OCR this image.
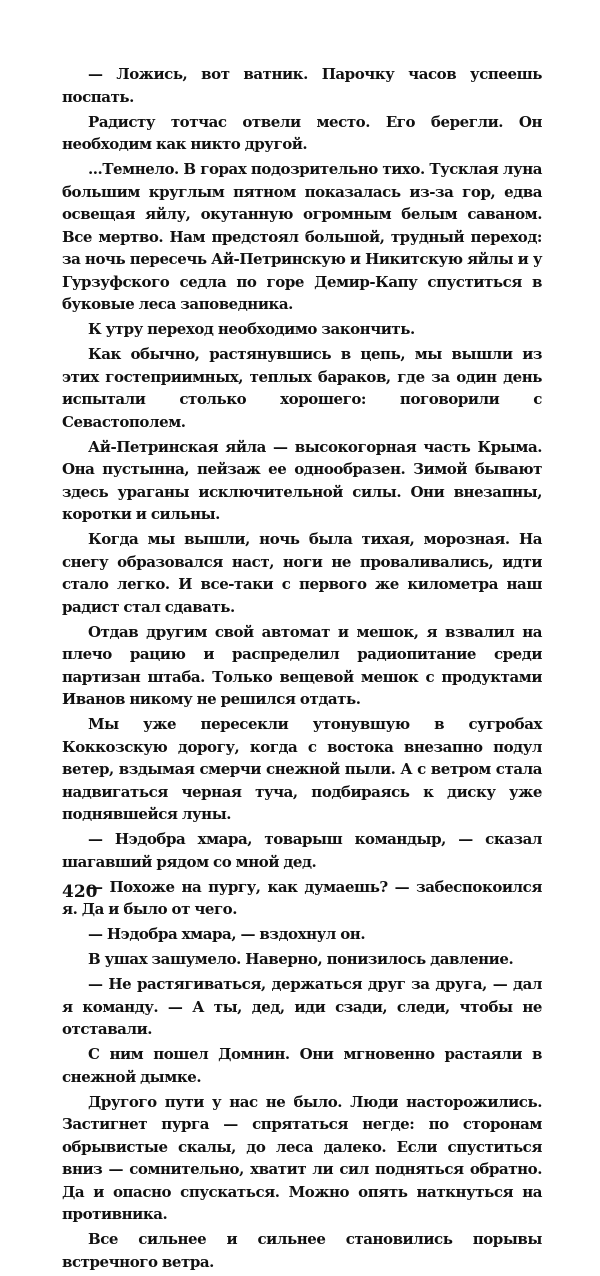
— Ложись, вот ватник. Парочку часов успеешь поспать.

Радисту тотчас отвели место. Его берегли. Он необходим как никто другой.

...Темнело. В горах подозрительно тихо. Тусклая луна большим круглым пятном показалась из-за гор, едва освещая яйлу, окутанную огромным белым саваном. Все мертво. Нам предстоял большой, трудный переход: за ночь пересечь Ай-Петринскую и Никитскую яйлы и у Гурзуфского седла по горе Демир-Капу спуститься в буковые леса заповедника.

К утру переход необходимо закончить.

Как обычно, растянувшись в цепь, мы вышли из этих гостеприимных, теплых бараков, где за один день испытали столько хорошего: поговорили с Севастополем.

Ай-Петринская яйла — высокогорная часть Крыма. Она пустынна, пейзаж ее однообразен. Зимой бывают здесь ураганы исключительной силы. Они внезапны, коротки и сильны.

Когда мы вышли, ночь была тихая, морозная. На снегу образовался наст, ноги не проваливались, идти стало легко. И все-таки с первого же километра наш радист стал сдавать.

Отдав другим свой автомат и мешок, я взвалил на плечо рацию и распределил радиопитание среди партизан штаба. Только вещевой мешок с продуктами Иванов никому не решился отдать.

Мы уже пересекли утонувшую в сугробах Коккозскую дорогу, когда с востока внезапно подул ветер, вздымая смерчи снежной пыли. А с ветром стала надвигаться черная туча, подбираясь к диску уже поднявшейся луны.

— Нэдобра хмара, товарыш командыр, — сказал шагавший рядом со мной дед.

— Похоже на пургу, как думаешь? — забеспокоился я. Да и было от чего.

— Нэдобра хмара, — вздохнул он.

В ушах зашумело. Наверно, понизилось давление.

— Не растягиваться, держаться друг за друга, — дал я команду. — А ты, дед, иди сзади, следи, чтобы не отставали.

С ним пошел Домнин. Они мгновенно растаяли в снежной дымке.

Другого пути у нас не было. Люди насторожились. Застигнет пурга — спрятаться негде: по сторонам обрывистые скалы, до леса далеко. Если спуститься вниз — сомнительно, хватит ли сил подняться обратно. Да и опасно спускаться. Можно опять наткнуться на противника.

Все сильнее и сильнее становились порывы встречного ветра.

420
